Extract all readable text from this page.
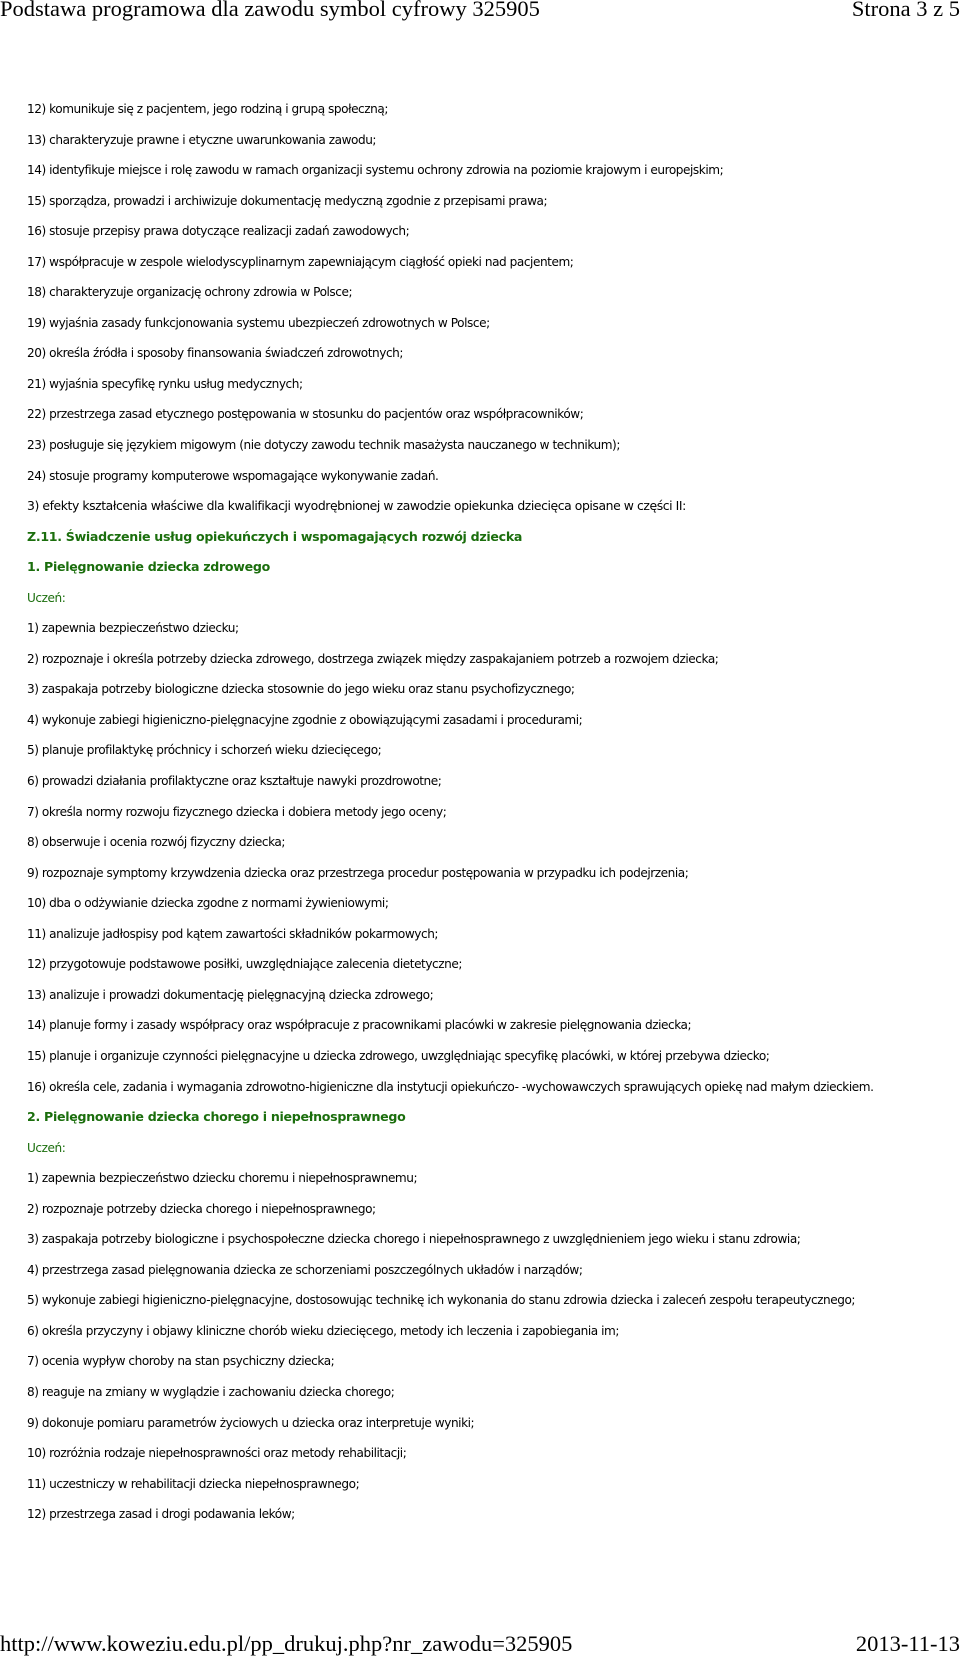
Podstawa programowa dla zawodu symbol cyfrowy 325905	Strona 3 z 5
12) komunikuje się z pacjentem, jego rodziną i grupą społeczną;
13) charakteryzuje prawne i etyczne uwarunkowania zawodu;
14) identyfikuje miejsce i rolę zawodu w ramach organizacji systemu ochrony zdrowia na poziomie krajowym i europejskim;
15) sporządza, prowadzi i archiwizuje dokumentację medyczną zgodnie z przepisami prawa;
16) stosuje przepisy prawa dotyczące realizacji zadań zawodowych;
17) współpracuje w zespole wielodyscyplinarnym zapewniającym ciągłość opieki nad pacjentem;
18) charakteryzuje organizację ochrony zdrowia w Polsce;
19) wyjaśnia zasady funkcjonowania systemu ubezpieczeń zdrowotnych w Polsce;
20) określa źródła i sposoby finansowania świadczeń zdrowotnych;
21) wyjaśnia specyfikę rynku usług medycznych;
22) przestrzega zasad etycznego postępowania w stosunku do pacjentów oraz współpracowników;
23) posługuje się językiem migowym (nie dotyczy zawodu technik masażysta nauczanego w technikum);
24) stosuje programy komputerowe wspomagające wykonywanie zadań.
3) efekty kształcenia właściwe dla kwalifikacji wyodrębnionej w zawodzie opiekunka dziecięca opisane w części II:
Z.11. Świadczenie usług opiekuńczych i wspomagających rozwój dziecka
1. Pielęgnowanie dziecka zdrowego
Uczeń:
1) zapewnia bezpieczeństwo dziecku;
2) rozpoznaje i określa potrzeby dziecka zdrowego, dostrzega związek między zaspakajaniem potrzeb a rozwojem dziecka;
3) zaspakaja potrzeby biologiczne dziecka stosownie do jego wieku oraz stanu psychofizycznego;
4) wykonuje zabiegi higieniczno-pielęgnacyjne zgodnie z obowiązującymi zasadami i procedurami;
5) planuje profilaktykę próchnicy i schorzeń wieku dziecięcego;
6) prowadzi działania profilaktyczne oraz kształtuje nawyki prozdrowotne;
7) określa normy rozwoju fizycznego dziecka i dobiera metody jego oceny;
8) obserwuje i ocenia rozwój fizyczny dziecka;
9) rozpoznaje symptomy krzywdzenia dziecka oraz przestrzega procedur postępowania w przypadku ich podejrzenia;
10) dba o odżywianie dziecka zgodne z normami żywieniowymi;
11) analizuje jadłospisy pod kątem zawartości składników pokarmowych;
12) przygotowuje podstawowe posiłki, uwzględniające zalecenia dietetyczne;
13) analizuje i prowadzi dokumentację pielęgnacyjną dziecka zdrowego;
14) planuje formy i zasady współpracy oraz współpracuje z pracownikami placówki w zakresie pielęgnowania dziecka;
15) planuje i organizuje czynności pielęgnacyjne u dziecka zdrowego, uwzględniając specyfikę placówki, w której przebywa dziecko;
16) określa cele, zadania i wymagania zdrowotno-higieniczne dla instytucji opiekuńczo- -wychowawczych sprawujących opiekę nad małym dzieckiem.
2. Pielęgnowanie dziecka chorego i niepełnosprawnego
Uczeń:
1) zapewnia bezpieczeństwo dziecku choremu i niepełnosprawnemu;
2) rozpoznaje potrzeby dziecka chorego i niepełnosprawnego;
3) zaspakaja potrzeby biologiczne i psychospołeczne dziecka chorego i niepełnosprawnego z uwzględnieniem jego wieku i stanu zdrowia;
4) przestrzega zasad pielęgnowania dziecka ze schorzeniami poszczególnych układów i narządów;
5) wykonuje zabiegi higieniczno-pielęgnacyjne, dostosowując technikę ich wykonania do stanu zdrowia dziecka i zaleceń zespołu terapeutycznego;
6) określa przyczyny i objawy kliniczne chorób wieku dziecięcego, metody ich leczenia i zapobiegania im;
7) ocenia wypływ choroby na stan psychiczny dziecka;
8) reaguje na zmiany w wyglądzie i zachowaniu dziecka chorego;
9) dokonuje pomiaru parametrów życiowych u dziecka oraz interpretuje wyniki;
10) rozróżnia rodzaje niepełnosprawności oraz metody rehabilitacji;
11) uczestniczy w rehabilitacji dziecka niepełnosprawnego;
12) przestrzega zasad i drogi podawania leków;
http://www.koweziu.edu.pl/pp_drukuj.php?nr_zawodu=325905	2013-11-13
